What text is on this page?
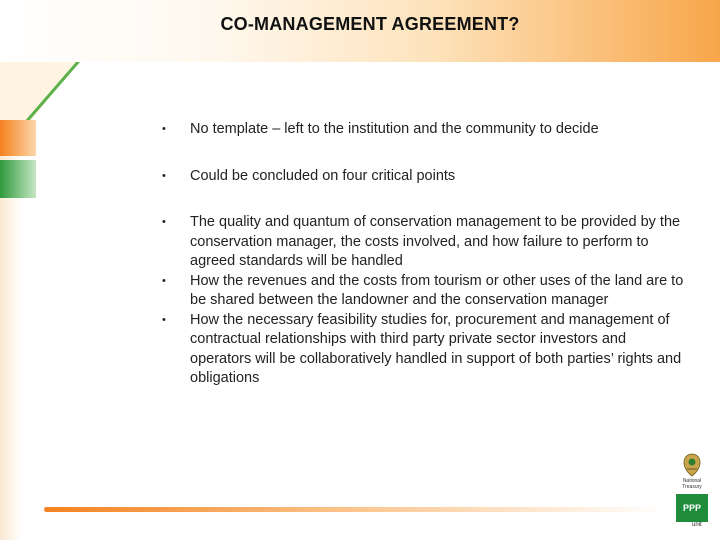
CO-MANAGEMENT AGREEMENT?
• No template – left to the institution and the community to decide
• Could be concluded on four critical points
• The quality and quantum of conservation management to be provided by the conservation manager, the costs involved, and how failure to perform to agreed standards will be handled
• How the revenues and the costs from tourism or other uses of the land are to be shared between the landowner and the conservation manager
• How the necessary feasibility studies for, procurement and management of contractual relationships with third party private sector investors and operators will be collaboratively handled in support of both parties’ rights and obligations
National
Treasury
PPP
unit
